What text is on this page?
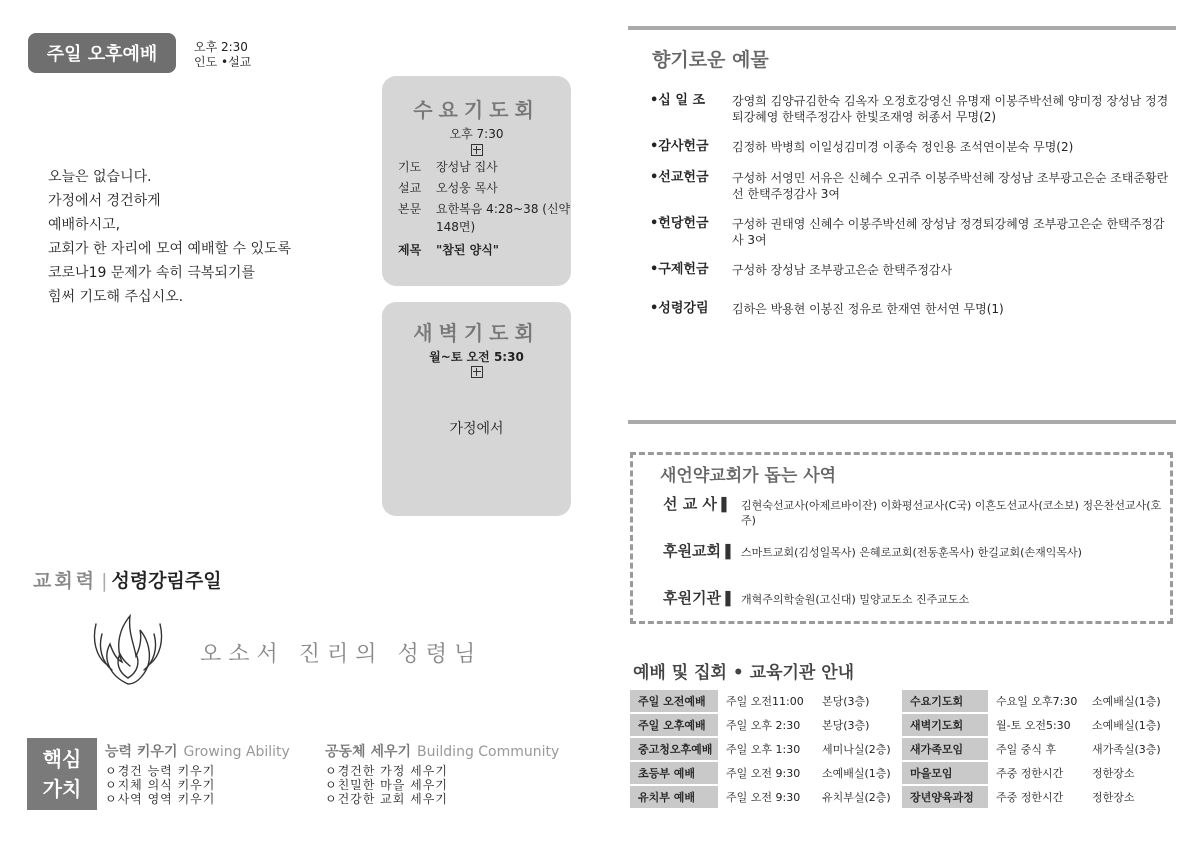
주일 오후예배	오후 2:30
인도 •설교
오늘은 없습니다.
가정에서 경건하게
예배하시고,
교회가 한 자리에 모여 예배할 수 있도록
코로나19 문제가 속히 극복되기를
힘써 기도해 주십시오.
수요기도회
오후 7:30
기도	장성남 집사
설교	오성웅 목사
본문	요한복음 4:28~38 (신약 148면)
제목	"참된 양식"
새벽기도회
월~토 오전 5:30
가정에서
교회력 | 성령강림주일
오소서 진리의 성령님
핵심
가치
능력 키우기 Growing Ability
ㅇ경건 능력 키우기
ㅇ지체 의식 키우기
ㅇ사역 영역 키우기
공동체 세우기 Building Community
ㅇ경건한 가정 세우기
ㅇ친밀한 마을 세우기
ㅇ건강한 교회 세우기
향기로운 예물
•십 일 조	강영희 김양규김한숙 김옥자 오정호강영신 유명재 이봉주박선혜 양미정 장성남 정경퇴강혜영 한택주정감사 한빛조재영 허종서 무명(2)
•감사헌금	김정하 박병희 이일성김미경 이종숙 정인용 조석연이분숙 무명(2)
•선교헌금	구성하 서영민 서유은 신혜수 오귀주 이봉주박선혜 장성남 조부광고은순 조태준황란선 한택주정감사 3여
•헌당헌금	구성하 권태영 신혜수 이봉주박선혜 장성남 정경퇴강혜영 조부광고은순 한택주정감사 3여
•구제헌금	구성하 장성남 조부광고은순 한택주정감사
•성령강림	김하은 박용현 이봉진 정유로 한재연 한서연 무명(1)
새언약교회가 돕는 사역
선 교 사 ▌ 김현숙선교사(아제르바이잔) 이화평선교사(C국) 이흔도선교사(코소보) 정은찬선교사(호주)
후원교회 ▌ 스마트교회(김성일목사) 은혜로교회(전동훈목사) 한길교회(손재익목사)
후원기관 ▌ 개혁주의학술원(고신대) 밀양교도소 진주교도소
예배 및 집회 • 교육기관 안내
주일 오전예배	주일 오전11:00	본당(3층)	수요기도회	수요일 오후7:30	소예배실(1층)
주일 오후예배	주일 오후 2:30	본당(3층)	새벽기도회	월-토 오전5:30	소예배실(1층)
중고청오후예배	주일 오후 1:30	세미나실(2층)	새가족모임	주일 중식 후	새가족실(3층)
초등부 예배	주일 오전 9:30	소예배실(1층)	마을모임	주중 정한시간	정한장소
유치부 예배	주일 오전 9:30	유치부실(2층)	장년양육과정	주중 정한시간	정한장소
